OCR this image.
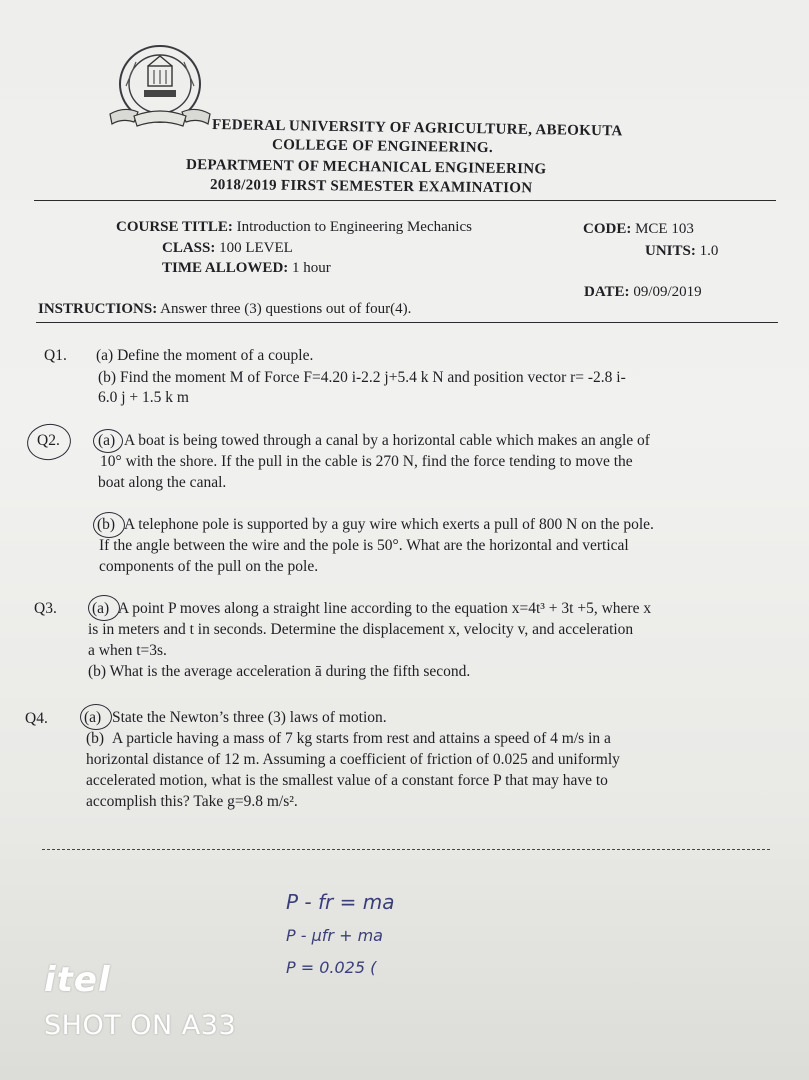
FEDERAL UNIVERSITY OF AGRICULTURE, ABEOKUTA
COLLEGE OF ENGINEERING.
DEPARTMENT OF MECHANICAL ENGINEERING
2018/2019 FIRST SEMESTER EXAMINATION
COURSE TITLE: Introduction to Engineering Mechanics	CODE: MCE 103
CLASS: 100 LEVEL	UNITS: 1.0
TIME ALLOWED: 1 hour
DATE: 09/09/2019
INSTRUCTIONS: Answer three (3) questions out of four(4).
Q1. (a) Define the moment of a couple.
(b) Find the moment M of Force F=4.20 i-2.2 j+5.4 k N and position vector r= -2.8 i-
6.0 j + 1.5 k m
Q2. (a) A boat is being towed through a canal by a horizontal cable which makes an angle of
10° with the shore. If the pull in the cable is 270 N, find the force tending to move the
boat along the canal.
(b) A telephone pole is supported by a guy wire which exerts a pull of 800 N on the pole.
If the angle between the wire and the pole is 50°. What are the horizontal and vertical
components of the pull on the pole.
Q3. (a) A point P moves along a straight line according to the equation x=4t³ + 3t +5, where x
is in meters and t in seconds. Determine the displacement x, velocity v, and acceleration
a when t=3s.
(b) What is the average acceleration ā during the fifth second.
Q4. (a) State the Newton’s three (3) laws of motion.
(b) A particle having a mass of 7 kg starts from rest and attains a speed of 4 m/s in a
horizontal distance of 12 m. Assuming a coefficient of friction of 0.025 and uniformly
accelerated motion, what is the smallest value of a constant force P that may have to
accomplish this? Take g=9.8 m/s².
P - fr = ma
P - μfr + ma
P = 0.025 (
itel
SHOT ON A33
